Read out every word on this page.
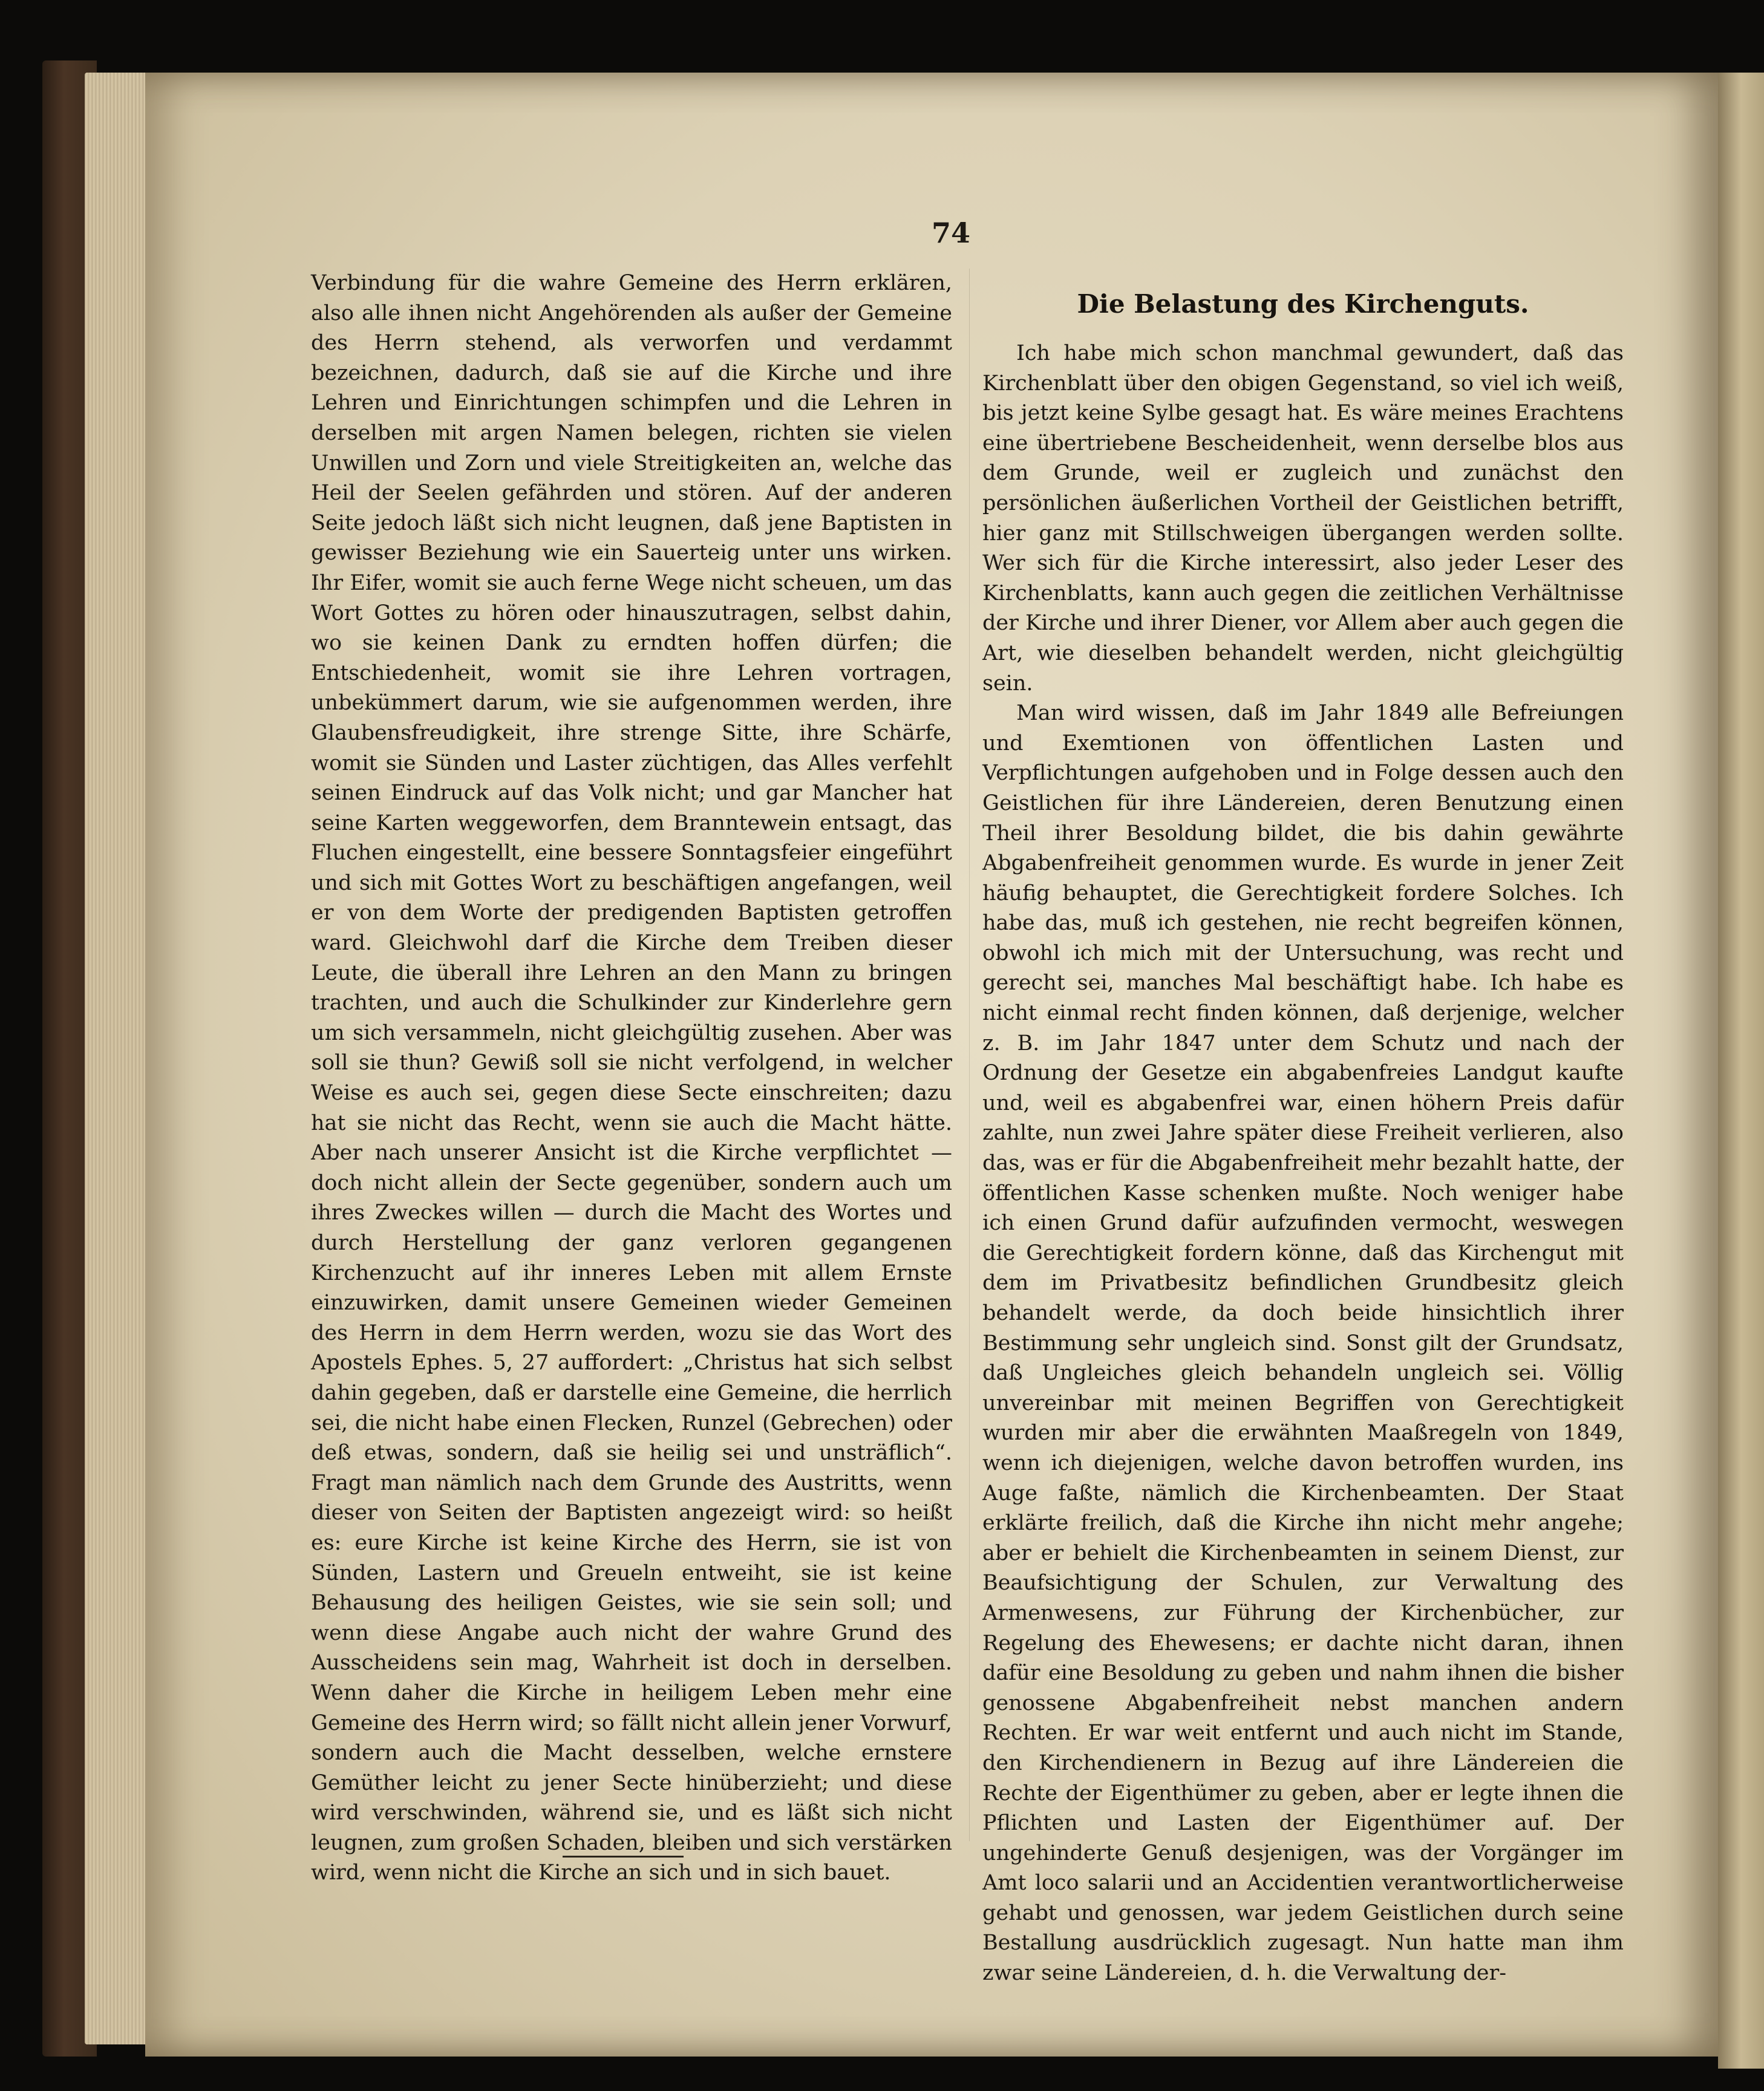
74

Verbindung für die wahre Gemeine des Herrn erklären, also alle ihnen nicht Angehörenden als außer der Gemeine des Herrn stehend, als verworfen und verdammt bezeichnen, dadurch, daß sie auf die Kirche und ihre Lehren und Einrichtungen schimpfen und die Lehren in derselben mit argen Namen belegen, richten sie vielen Unwillen und Zorn und viele Streitigkeiten an, welche das Heil der Seelen gefährden und stören. Auf der anderen Seite jedoch läßt sich nicht leugnen, daß jene Baptisten in gewisser Beziehung wie ein Sauerteig unter uns wirken. Ihr Eifer, womit sie auch ferne Wege nicht scheuen, um das Wort Gottes zu hören oder hinauszutragen, selbst dahin, wo sie keinen Dank zu erndten hoffen dürfen; die Entschiedenheit, womit sie ihre Lehren vortragen, unbekümmert darum, wie sie aufgenommen werden, ihre Glaubensfreudigkeit, ihre strenge Sitte, ihre Schärfe, womit sie Sünden und Laster züchtigen, das Alles verfehlt seinen Eindruck auf das Volk nicht; und gar Mancher hat seine Karten weggeworfen, dem Branntewein entsagt, das Fluchen eingestellt, eine bessere Sonntagsfeier eingeführt und sich mit Gottes Wort zu beschäftigen angefangen, weil er von dem Worte der predigenden Baptisten getroffen ward. Gleichwohl darf die Kirche dem Treiben dieser Leute, die überall ihre Lehren an den Mann zu bringen trachten, und auch die Schulkinder zur Kinderlehre gern um sich versammeln, nicht gleichgültig zusehen. Aber was soll sie thun? Gewiß soll sie nicht verfolgend, in welcher Weise es auch sei, gegen diese Secte einschreiten; dazu hat sie nicht das Recht, wenn sie auch die Macht hätte. Aber nach unserer Ansicht ist die Kirche verpflichtet — doch nicht allein der Secte gegenüber, sondern auch um ihres Zweckes willen — durch die Macht des Wortes und durch Herstellung der ganz verloren gegangenen Kirchenzucht auf ihr inneres Leben mit allem Ernste einzuwirken, damit unsere Gemeinen wieder Gemeinen des Herrn in dem Herrn werden, wozu sie das Wort des Apostels Ephes. 5, 27 auffordert: „Christus hat sich selbst dahin gegeben, daß er darstelle eine Gemeine, die herrlich sei, die nicht habe einen Flecken, Runzel (Gebrechen) oder deß etwas, sondern, daß sie heilig sei und unsträflich“. Fragt man nämlich nach dem Grunde des Austritts, wenn dieser von Seiten der Baptisten angezeigt wird: so heißt es: eure Kirche ist keine Kirche des Herrn, sie ist von Sünden, Lastern und Greueln entweiht, sie ist keine Behausung des heiligen Geistes, wie sie sein soll; und wenn diese Angabe auch nicht der wahre Grund des Ausscheidens sein mag, Wahrheit ist doch in derselben. Wenn daher die Kirche in heiligem Leben mehr eine Gemeine des Herrn wird; so fällt nicht allein jener Vorwurf, sondern auch die Macht desselben, welche ernstere Gemüther leicht zu jener Secte hinüberzieht; und diese wird verschwinden, während sie, und es läßt sich nicht leugnen, zum großen Schaden, bleiben und sich verstärken wird, wenn nicht die Kirche an sich und in sich bauet.

Die Belastung des Kirchenguts.

Ich habe mich schon manchmal gewundert, daß das Kirchenblatt über den obigen Gegenstand, so viel ich weiß, bis jetzt keine Sylbe gesagt hat. Es wäre meines Erachtens eine übertriebene Bescheidenheit, wenn derselbe blos aus dem Grunde, weil er zugleich und zunächst den persönlichen äußerlichen Vortheil der Geistlichen betrifft, hier ganz mit Stillschweigen übergangen werden sollte. Wer sich für die Kirche interessirt, also jeder Leser des Kirchenblatts, kann auch gegen die zeitlichen Verhältnisse der Kirche und ihrer Diener, vor Allem aber auch gegen die Art, wie dieselben behandelt werden, nicht gleichgültig sein.

Man wird wissen, daß im Jahr 1849 alle Befreiungen und Exemtionen von öffentlichen Lasten und Verpflichtungen aufgehoben und in Folge dessen auch den Geistlichen für ihre Ländereien, deren Benutzung einen Theil ihrer Besoldung bildet, die bis dahin gewährte Abgabenfreiheit genommen wurde. Es wurde in jener Zeit häufig behauptet, die Gerechtigkeit fordere Solches. Ich habe das, muß ich gestehen, nie recht begreifen können, obwohl ich mich mit der Untersuchung, was recht und gerecht sei, manches Mal beschäftigt habe. Ich habe es nicht einmal recht finden können, daß derjenige, welcher z. B. im Jahr 1847 unter dem Schutz und nach der Ordnung der Gesetze ein abgabenfreies Landgut kaufte und, weil es abgabenfrei war, einen höhern Preis dafür zahlte, nun zwei Jahre später diese Freiheit verlieren, also das, was er für die Abgabenfreiheit mehr bezahlt hatte, der öffentlichen Kasse schenken mußte. Noch weniger habe ich einen Grund dafür aufzufinden vermocht, weswegen die Gerechtigkeit fordern könne, daß das Kirchengut mit dem im Privatbesitz befindlichen Grundbesitz gleich behandelt werde, da doch beide hinsichtlich ihrer Bestimmung sehr ungleich sind. Sonst gilt der Grundsatz, daß Ungleiches gleich behandeln ungleich sei. Völlig unvereinbar mit meinen Begriffen von Gerechtigkeit wurden mir aber die erwähnten Maaßregeln von 1849, wenn ich diejenigen, welche davon betroffen wurden, ins Auge faßte, nämlich die Kirchenbeamten. Der Staat erklärte freilich, daß die Kirche ihn nicht mehr angehe; aber er behielt die Kirchenbeamten in seinem Dienst, zur Beaufsichtigung der Schulen, zur Verwaltung des Armenwesens, zur Führung der Kirchenbücher, zur Regelung des Ehewesens; er dachte nicht daran, ihnen dafür eine Besoldung zu geben und nahm ihnen die bisher genossene Abgabenfreiheit nebst manchen andern Rechten. Er war weit entfernt und auch nicht im Stande, den Kirchendienern in Bezug auf ihre Ländereien die Rechte der Eigenthümer zu geben, aber er legte ihnen die Pflichten und Lasten der Eigenthümer auf. Der ungehinderte Genuß desjenigen, was der Vorgänger im Amt loco salarii und an Accidentien verantwortlicherweise gehabt und genossen, war jedem Geistlichen durch seine Bestallung ausdrücklich zugesagt. Nun hatte man ihm zwar seine Ländereien, d. h. die Verwaltung der-
